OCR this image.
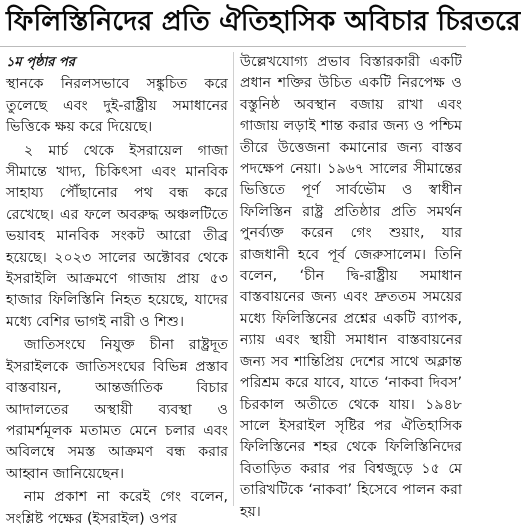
ফিলিস্তিনিদের প্রতি ঐতিহাসিক অবিচার চিরতরে
১ম পৃষ্ঠার পর

স্থানকে নিরলসভাবে সঙ্কুচিত করে তুলেছে এবং দুই-রাষ্ট্রীয় সমাধানের ভিত্তিকে ক্ষয় করে দিয়েছে।

২ মার্চ থেকে ইসরায়েল গাজা সীমান্তে খাদ্য, চিকিৎসা এবং মানবিক সাহায্য পৌঁছানোর পথ বন্ধ করে রেখেছে। এর ফলে অবরুদ্ধ অঞ্চলটিতে ভয়াবহ মানবিক সংকট আরো তীব্র হয়েছে। ২০২৩ সালের অক্টোবর থেকে ইসরাইলি আক্রমণে গাজায় প্রায় ৫৩ হাজার ফিলিস্তিনি নিহত হয়েছে, যাদের মধ্যে বেশির ভাগই নারী ও শিশু।

জাতিসংঘে নিযুক্ত চীনা রাষ্ট্রদূত ইসরাইলকে জাতিসংঘের বিভিন্ন প্রস্তাব বাস্তবায়ন, আন্তর্জাতিক বিচার আদালতের অস্থায়ী ব্যবস্থা ও পরামর্শমূলক মতামত মেনে চলার এবং অবিলম্বে সমস্ত আক্রমণ বন্ধ করার আহ্বান জানিয়েছেন।

নাম প্রকাশ না করেই গেং বলেন, সংশ্লিষ্ট পক্ষের (ইসরাইল) ওপর

উল্লেখযোগ্য প্রভাব বিস্তারকারী একটি প্রধান শক্তির উচিত একটি নিরপেক্ষ ও বস্তুনিষ্ঠ অবস্থান বজায় রাখা এবং গাজায় লড়াই শান্ত করার জন্য ও পশ্চিম তীরে উত্তেজনা কমানোর জন্য বাস্তব পদক্ষেপ নেয়া। ১৯৬৭ সালের সীমান্তের ভিত্তিতে পূর্ণ সার্বভৌম ও স্বাধীন ফিলিস্তিন রাষ্ট্র প্রতিষ্ঠার প্রতি সমর্থন পুনর্ব্যক্ত করেন গেং শুয়াং, যার রাজধানী হবে পূর্ব জেরুসালেম। তিনি বলেন, ‘চীন দ্বি-রাষ্ট্রীয় সমাধান বাস্তবায়নের জন্য এবং দ্রুততম সময়ের মধ্যে ফিলিস্তিনের প্রশ্নের একটি ব্যাপক, ন্যায় এবং স্থায়ী সমাধান বাস্তবায়নের জন্য সব শান্তিপ্রিয় দেশের সাথে অক্লান্ত পরিশ্রম করে যাবে, যাতে ‘নাকবা দিবস’ চিরকাল অতীতে থেকে যায়। ১৯৪৮ সালে ইসরাইল সৃষ্টির পর ঐতিহাসিক ফিলিস্তিনের শহর থেকে ফিলিস্তিনিদের বিতাড়িত করার পর বিশ্বজুড়ে ১৫ মে তারিখটিকে ‘নাকবা’ হিসেবে পালন করা হয়।
